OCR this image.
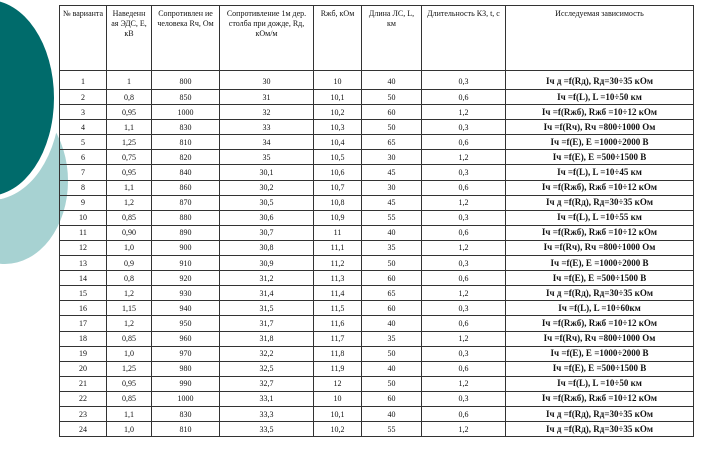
№ варианта	Наведенн ая ЭДС, Е, кВ	Сопротивлен ие человека Rч, Ом	Сопротивление 1м дер. столба при дожде, Rд, кОм/м	Rжб, кОм	Длина ЛС, L, км	Длительность КЗ, t, с	Исследуемая зависимость
1	1	800	30	10	40	0,3	Iч д =f(Rд), Rд=30÷35 кОм
2	0,8	850	31	10,1	50	0,6	Iч =f(L), L =10÷50 км
3	0,95	1000	32	10,2	60	1,2	Iч =f(Rжб), Rжб =10÷12 кОм
4	1,1	830	33	10,3	50	0,3	Iч =f(Rч), Rч =800÷1000 Ом
5	1,25	810	34	10,4	65	0,6	Iч =f(E), E =1000÷2000 В
6	0,75	820	35	10,5	30	1,2	Iч =f(E), E =500÷1500 В
7	0,95	840	30,1	10,6	45	0,3	Iч =f(L), L =10÷45 км
8	1,1	860	30,2	10,7	30	0,6	Iч =f(Rжб), Rжб =10÷12 кОм
9	1,2	870	30,5	10,8	45	1,2	Iч д =f(Rд), Rд=30÷35 кОм
10	0,85	880	30,6	10,9	55	0,3	Iч =f(L), L =10÷55 км
11	0,90	890	30,7	11	40	0,6	Iч =f(Rжб), Rжб =10÷12 кОм
12	1,0	900	30,8	11,1	35	1,2	Iч =f(Rч), Rч =800÷1000 Ом
13	0,9	910	30,9	11,2	50	0,3	Iч =f(E), E =1000÷2000 В
14	0,8	920	31,2	11,3	60	0,6	Iч =f(E), E =500÷1500 В
15	1,2	930	31,4	11,4	65	1,2	Iч д =f(Rд), Rд=30÷35 кОм
16	1,15	940	31,5	11,5	60	0,3	Iч =f(L), L =10÷60км
17	1,2	950	31,7	11,6	40	0,6	Iч =f(Rжб), Rжб =10÷12 кОм
18	0,85	960	31,8	11,7	35	1,2	Iч =f(Rч), Rч =800÷1000 Ом
19	1,0	970	32,2	11,8	50	0,3	Iч =f(E), E =1000÷2000 В
20	1,25	980	32,5	11,9	40	0,6	Iч =f(E), E =500÷1500 В
21	0,95	990	32,7	12	50	1,2	Iч =f(L), L =10÷50 км
22	0,85	1000	33,1	10	60	0,3	Iч =f(Rжб), Rжб =10÷12 кОм
23	1,1	830	33,3	10,1	40	0,6	Iч д =f(Rд), Rд=30÷35 кОм
24	1,0	810	33,5	10,2	55	1,2	Iч д =f(Rд), Rд=30÷35 кОм
